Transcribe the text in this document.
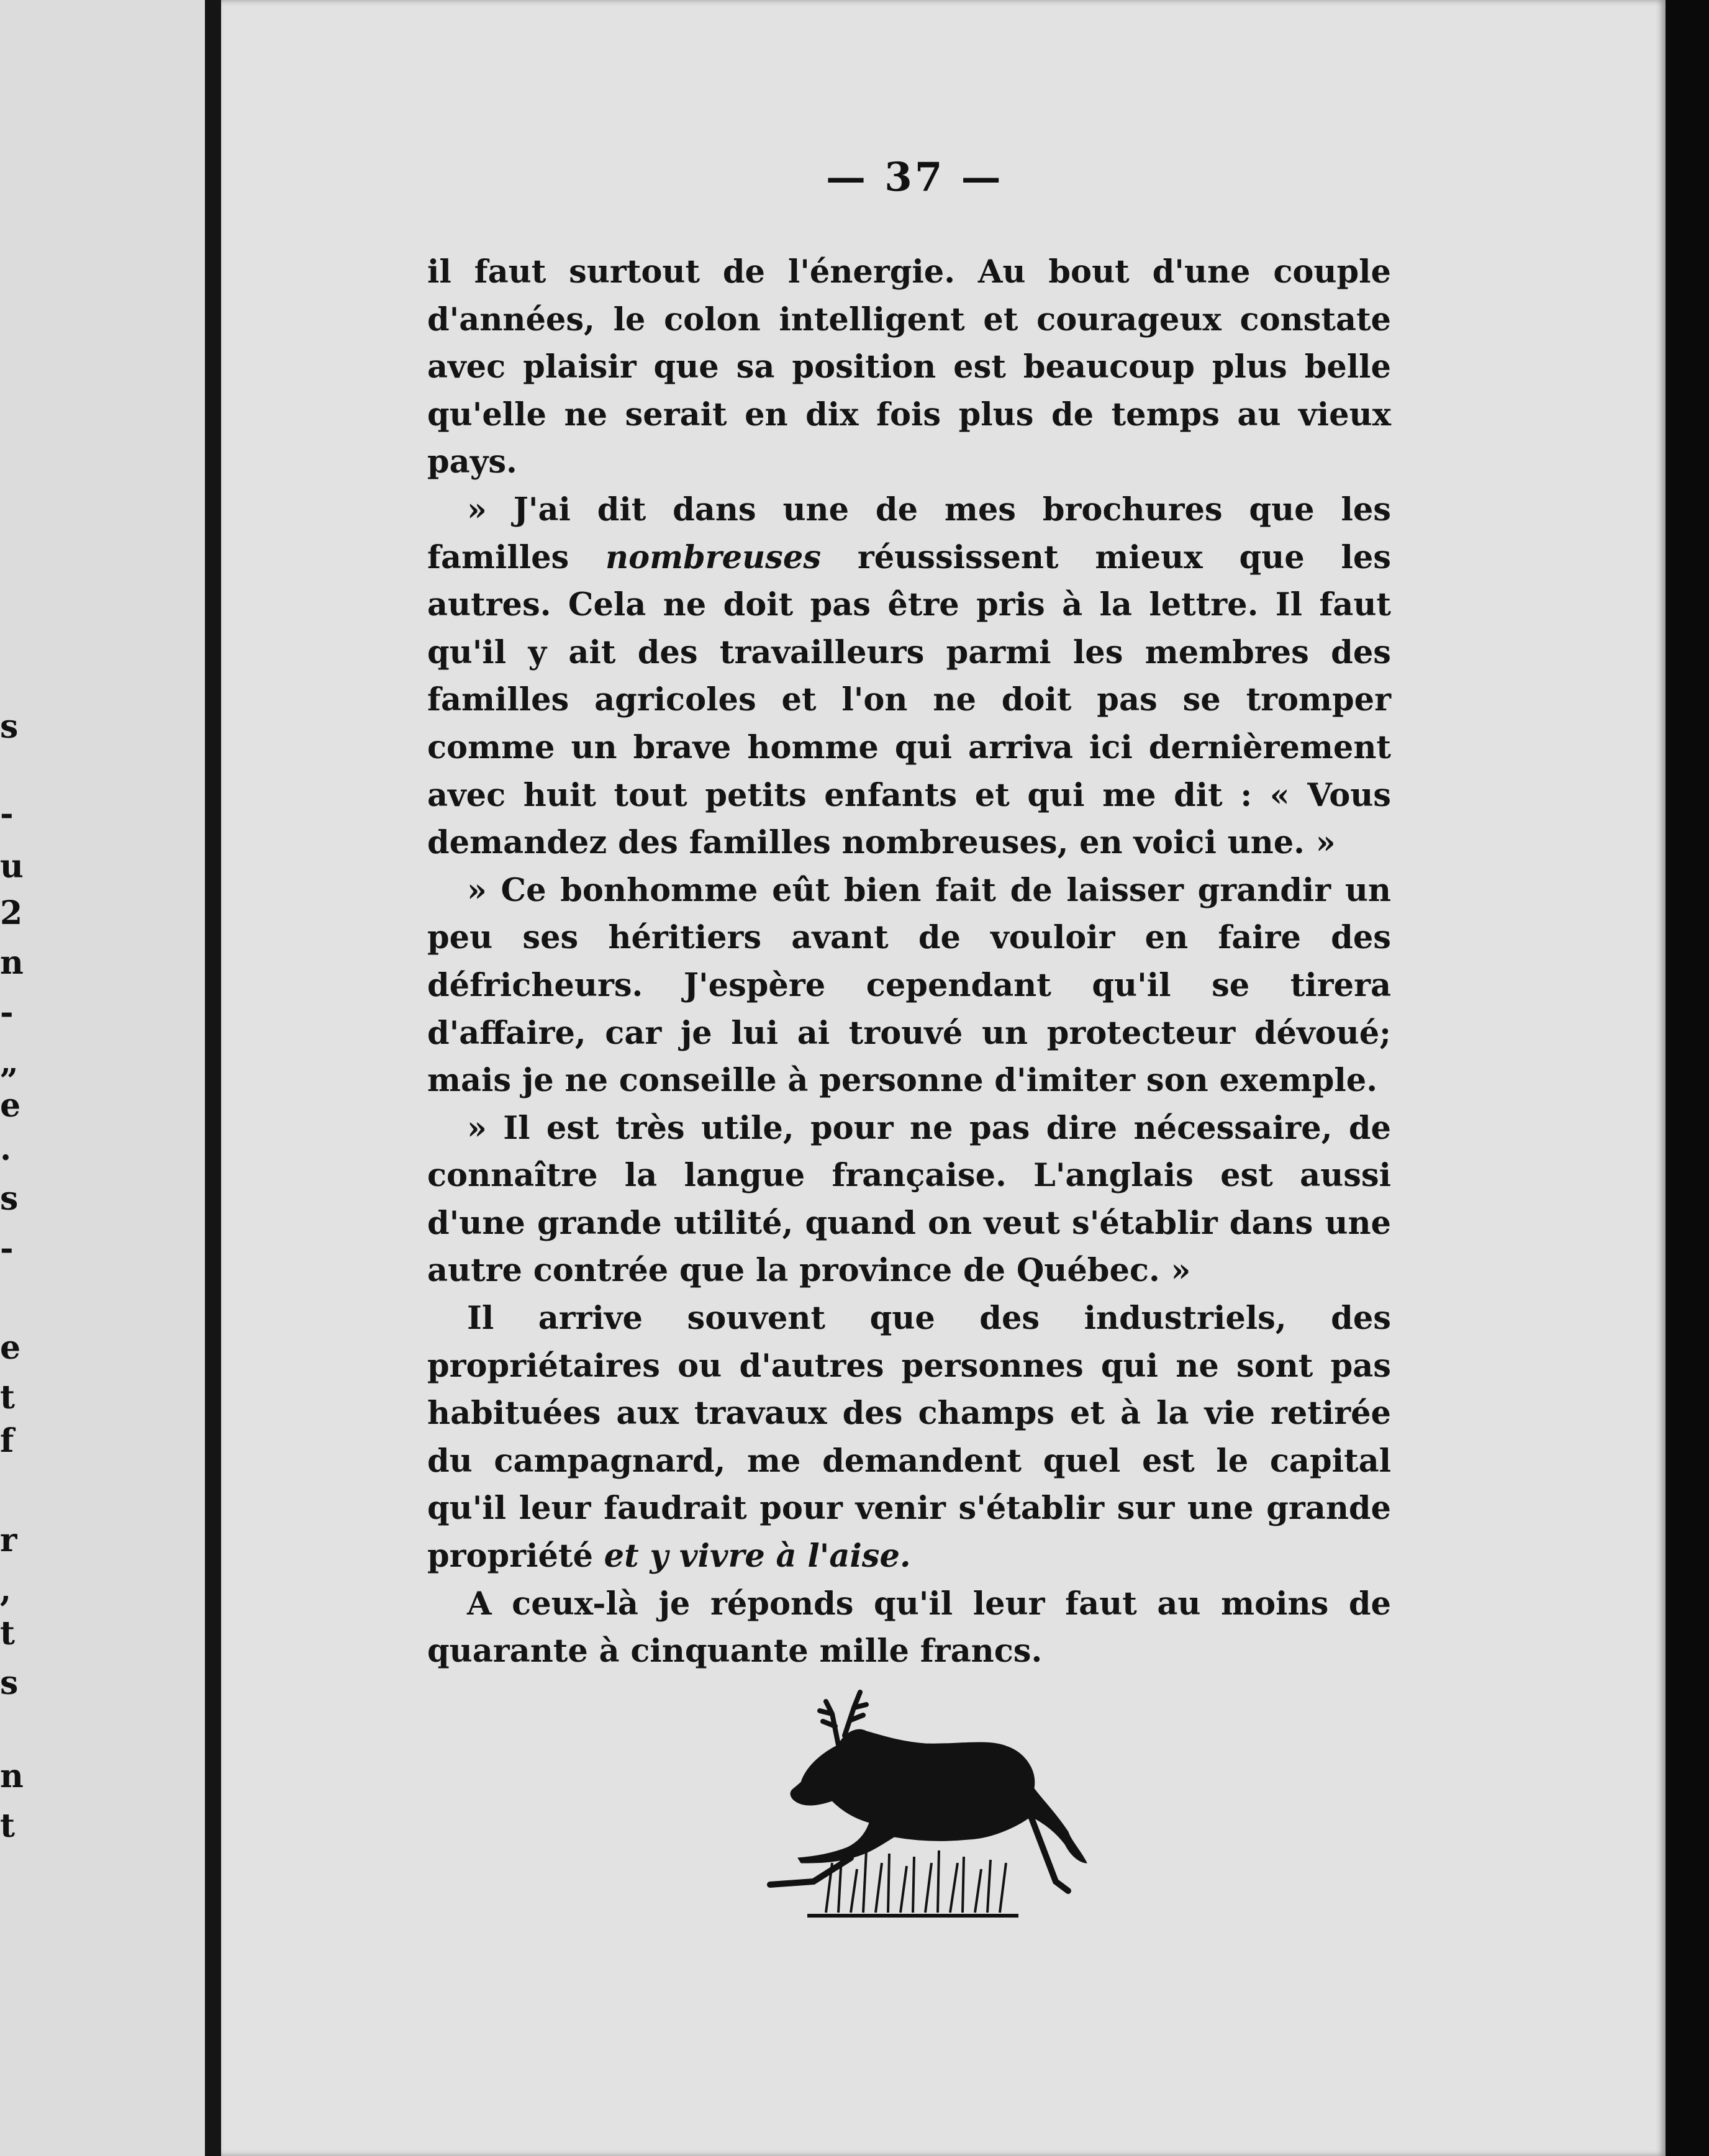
s
-
u
2
n
-
„
e
.
s
-
e
t
f
r
,
t
s
n
t
— 37 —

il faut surtout de l'énergie. Au bout d'une couple d'années, le colon intelligent et courageux constate avec plaisir que sa position est beaucoup plus belle qu'elle ne serait en dix fois plus de temps au vieux pays.

» J'ai dit dans une de mes brochures que les familles nombreuses réussissent mieux que les autres. Cela ne doit pas être pris à la lettre. Il faut qu'il y ait des travailleurs parmi les membres des familles agricoles et l'on ne doit pas se tromper comme un brave homme qui arriva ici dernièrement avec huit tout petits enfants et qui me dit : « Vous demandez des familles nombreuses, en voici une. »

» Ce bonhomme eût bien fait de laisser grandir un peu ses héritiers avant de vouloir en faire des défricheurs. J'espère cependant qu'il se tirera d'affaire, car je lui ai trouvé un protecteur dévoué; mais je ne conseille à personne d'imiter son exemple.

» Il est très utile, pour ne pas dire nécessaire, de connaître la langue française. L'anglais est aussi d'une grande utilité, quand on veut s'établir dans une autre contrée que la province de Québec. »

Il arrive souvent que des industriels, des propriétaires ou d'autres personnes qui ne sont pas habituées aux travaux des champs et à la vie retirée du campagnard, me demandent quel est le capital qu'il leur faudrait pour venir s'établir sur une grande propriété et y vivre à l'aise.

A ceux-là je réponds qu'il leur faut au moins de quarante à cinquante mille francs.
